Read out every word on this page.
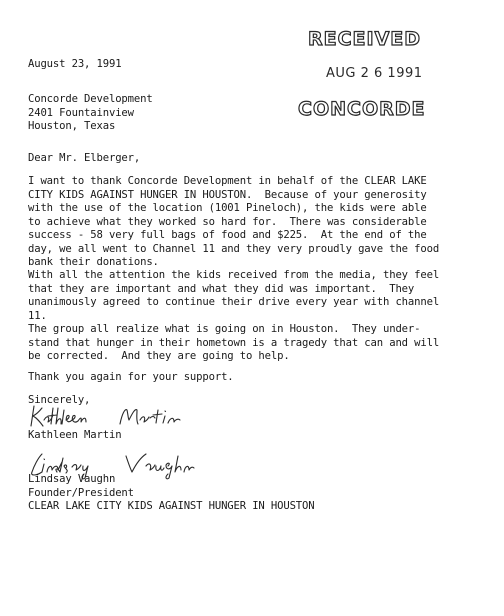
RECEIVED
AUG 2 6 1991
CONCORDE
August 23, 1991
Concorde Development
2401 Fountainview
Houston, Texas
Dear Mr. Elberger,
I want to thank Concorde Development in behalf of the CLEAR LAKE
CITY KIDS AGAINST HUNGER IN HOUSTON.  Because of your generosity
with the use of the location (1001 Pineloch), the kids were able
to achieve what they worked so hard for.  There was considerable
success - 58 very full bags of food and $225.  At the end of the
day, we all went to Channel 11 and they very proudly gave the food
bank their donations.
With all the attention the kids received from the media, they feel
that they are important and what they did was important.  They
unanimously agreed to continue their drive every year with channel
11.
The group all realize what is going on in Houston.  They under-
stand that hunger in their hometown is a tragedy that can and will
be corrected.  And they are going to help.
Thank you again for your support.
Sincerely,
Kathleen Martin
Lindsay Vaughn
Founder/President
CLEAR LAKE CITY KIDS AGAINST HUNGER IN HOUSTON
